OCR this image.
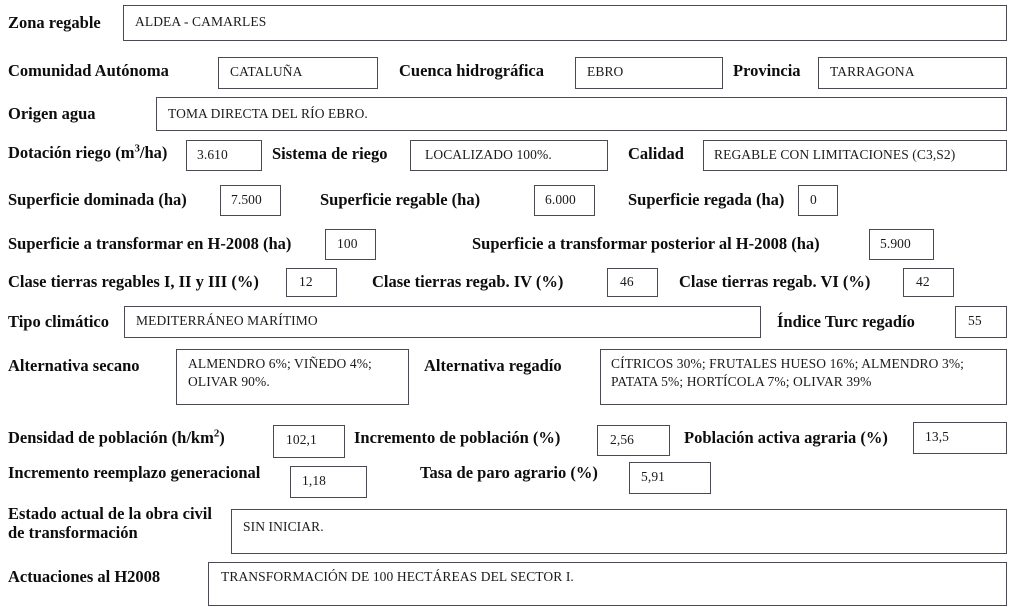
Zona regable	ALDEA - CAMARLES
Comunidad Autónoma	CATALUÑA	Cuenca hidrográfica	EBRO	Provincia TARRAGONA
Origen agua	TOMA DIRECTA DEL RÍO EBRO.
Dotación riego $(m^3/ha)$ 3.610	Sistema de riego	LOCALIZADO 100%.	Calidad REGABLE CON LIMITACIONES (C3,S2)
Superficie dominada (ha)	7.500	Superficie regable (ha)	6.000	Superficie regada (ha) 0
Superficie a transformar en H-2008 (ha)	100	Superficie a transformar posterior al H-2008 (ha)	5.900
Clase tierras regables I, II y III (%)	12	Clase tierras regab. IV (%)	46	Clase tierras regab. VI (%)	42
Tipo climático MEDITERRÁNEO MARÍTIMO	Índice Turc regadío	55
Alternativa secano	ALMENDRO 6%; VIÑEDO 4%;
OLIVAR 90%.
Alternativa regadío	CÍTRICOS 30%; FRUTALES HUESO 16%; ALMENDRO 3%;
PATATA 5%; HORTÍCOLA 7%; OLIVAR 39%
Densidad de población $(h/km^2)$	102,1 Incremento de población (%)	2,56	Población activa agraria (%)	13,5
Incremento reemplazo generacional	1,18	Tasa de paro agrario (%)	5,91
Estado actual de la obra civil
de transformación	SIN INICIAR.
Actuaciones al H2008	TRANSFORMACIÓN DE 100 HECTÁREAS DEL SECTOR I.
